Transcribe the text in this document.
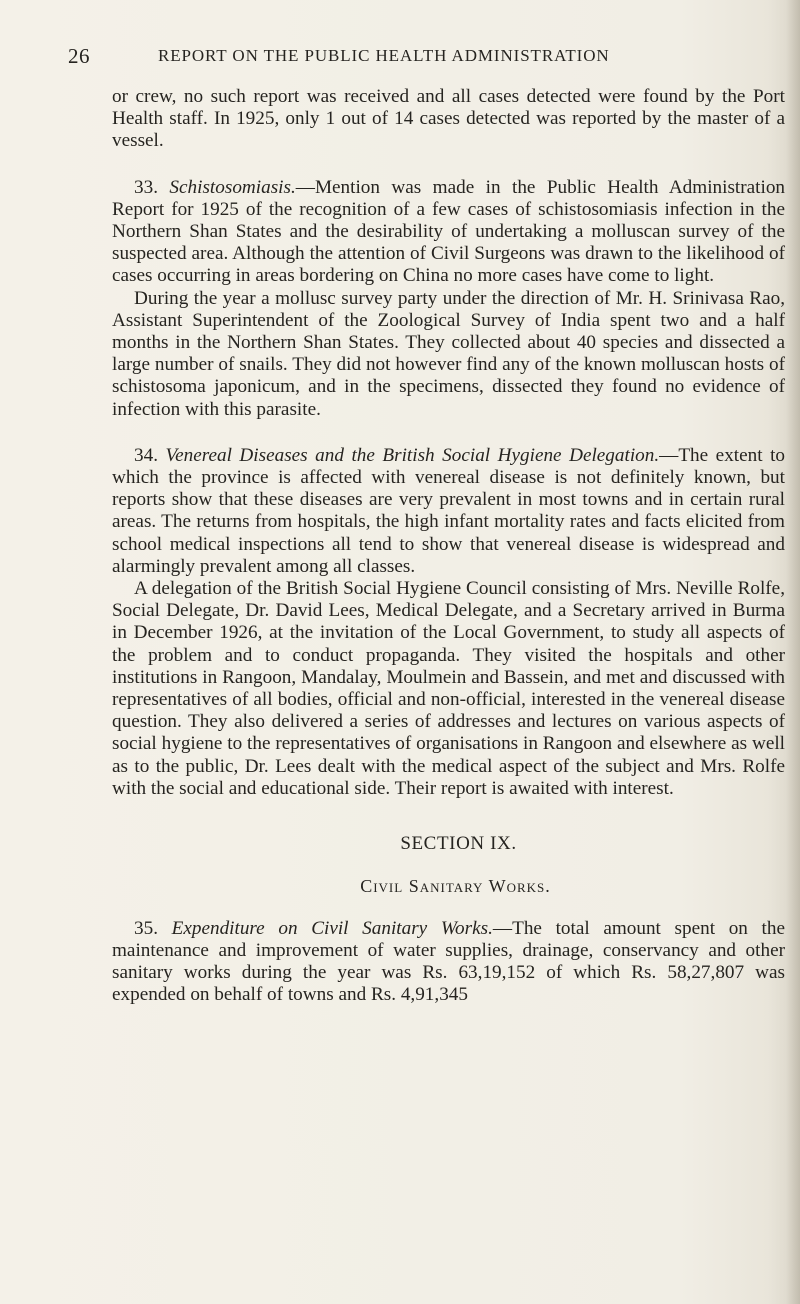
26	REPORT ON THE PUBLIC HEALTH ADMINISTRATION

or crew, no such report was received and all cases detected were found by the Port Health staff. In 1925, only 1 out of 14 cases detected was reported by the master of a vessel.

33. Schistosomiasis.—Mention was made in the Public Health Administration Report for 1925 of the recognition of a few cases of schistosomiasis infection in the Northern Shan States and the desirability of undertaking a molluscan survey of the suspected area. Although the attention of Civil Surgeons was drawn to the likelihood of cases occurring in areas bordering on China no more cases have come to light.

During the year a mollusc survey party under the direction of Mr. H. Srinivasa Rao, Assistant Superintendent of the Zoological Survey of India spent two and a half months in the Northern Shan States. They collected about 40 species and dissected a large number of snails. They did not however find any of the known molluscan hosts of schistosoma japonicum, and in the specimens, dissected they found no evidence of infection with this parasite.

34. Venereal Diseases and the British Social Hygiene Delegation.—The extent to which the province is affected with venereal disease is not definitely known, but reports show that these diseases are very prevalent in most towns and in certain rural areas. The returns from hospitals, the high infant mortality rates and facts elicited from school medical inspections all tend to show that venereal disease is widespread and alarmingly prevalent among all classes.

A delegation of the British Social Hygiene Council consisting of Mrs. Neville Rolfe, Social Delegate, Dr. David Lees, Medical Delegate, and a Secretary arrived in Burma in December 1926, at the invitation of the Local Government, to study all aspects of the problem and to conduct propaganda. They visited the hospitals and other institutions in Rangoon, Mandalay, Moulmein and Bassein, and met and discussed with representatives of all bodies, official and non-official, interested in the venereal disease question. They also delivered a series of addresses and lectures on various aspects of social hygiene to the representatives of organisations in Rangoon and elsewhere as well as to the public, Dr. Lees dealt with the medical aspect of the subject and Mrs. Rolfe with the social and educational side. Their report is awaited with interest.

SECTION IX.

Civil Sanitary Works.

35. Expenditure on Civil Sanitary Works.—The total amount spent on the maintenance and improvement of water supplies, drainage, conservancy and other sanitary works during the year was Rs. 63,19,152 of which Rs. 58,27,807 was expended on behalf of towns and Rs. 4,91,345
